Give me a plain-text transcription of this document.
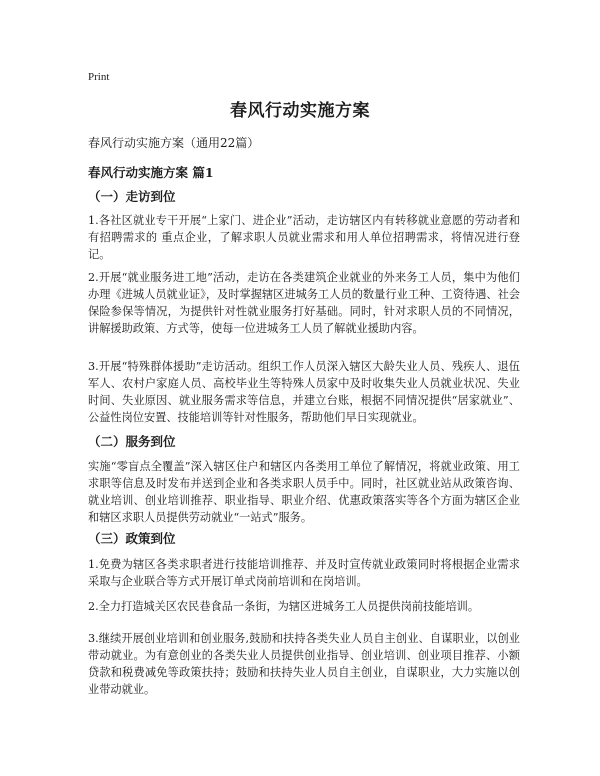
Print
春风行动实施方案
春风行动实施方案（通用22篇）
春风行动实施方案 篇1
（一）走访到位
1.各社区就业专干开展“上家门、进企业”活动，走访辖区内有转移就业意愿的劳动者和有招聘需求的 重点企业，了解求职人员就业需求和用人单位招聘需求，将情况进行登记。
2.开展“就业服务进工地”活动，走访在各类建筑企业就业的外来务工人员，集中为他们办理《进城人员就业证》，及时掌握辖区进城务工人员的数量行业工种、工资待遇、社会保险参保等情况，为提供针对性就业服务打好基础。同时，针对求职人员的不同情况，讲解援助政策、方式等，使每一位进城务工人员了解就业援助内容。
3.开展“特殊群体援助”走访活动。组织工作人员深入辖区大龄失业人员、残疾人、退伍军人、农村户家庭人员、高校毕业生等特殊人员家中及时收集失业人员就业状况、失业时间、失业原因、就业服务需求等信息，并建立台账，根据不同情况提供“居家就业”、公益性岗位安置、技能培训等针对性服务，帮助他们早日实现就业。
（二）服务到位
实施“零盲点全覆盖”深入辖区住户和辖区内各类用工单位了解情况，将就业政策、用工求职等信息及时发布并送到企业和各类求职人员手中。同时，社区就业站从政策咨询、就业培训、创业培训推荐、职业指导、职业介绍、优惠政策落实等各个方面为辖区企业和辖区求职人员提供劳动就业“一站式”服务。
（三）政策到位
1.免费为辖区各类求职者进行技能培训推荐、并及时宣传就业政策同时将根据企业需求采取与企业联合等方式开展订单式岗前培训和在岗培训。
2.全力打造城关区农民巷食品一条街，为辖区进城务工人员提供岗前技能培训。
3.继续开展创业培训和创业服务,鼓励和扶持各类失业人员自主创业、自谋职业，以创业带动就业。为有意创业的各类失业人员提供创业指导、创业培训、创业项目推荐、小额贷款和税费减免等政策扶持；鼓励和扶持失业人员自主创业，自谋职业，大力实施以创业带动就业。
